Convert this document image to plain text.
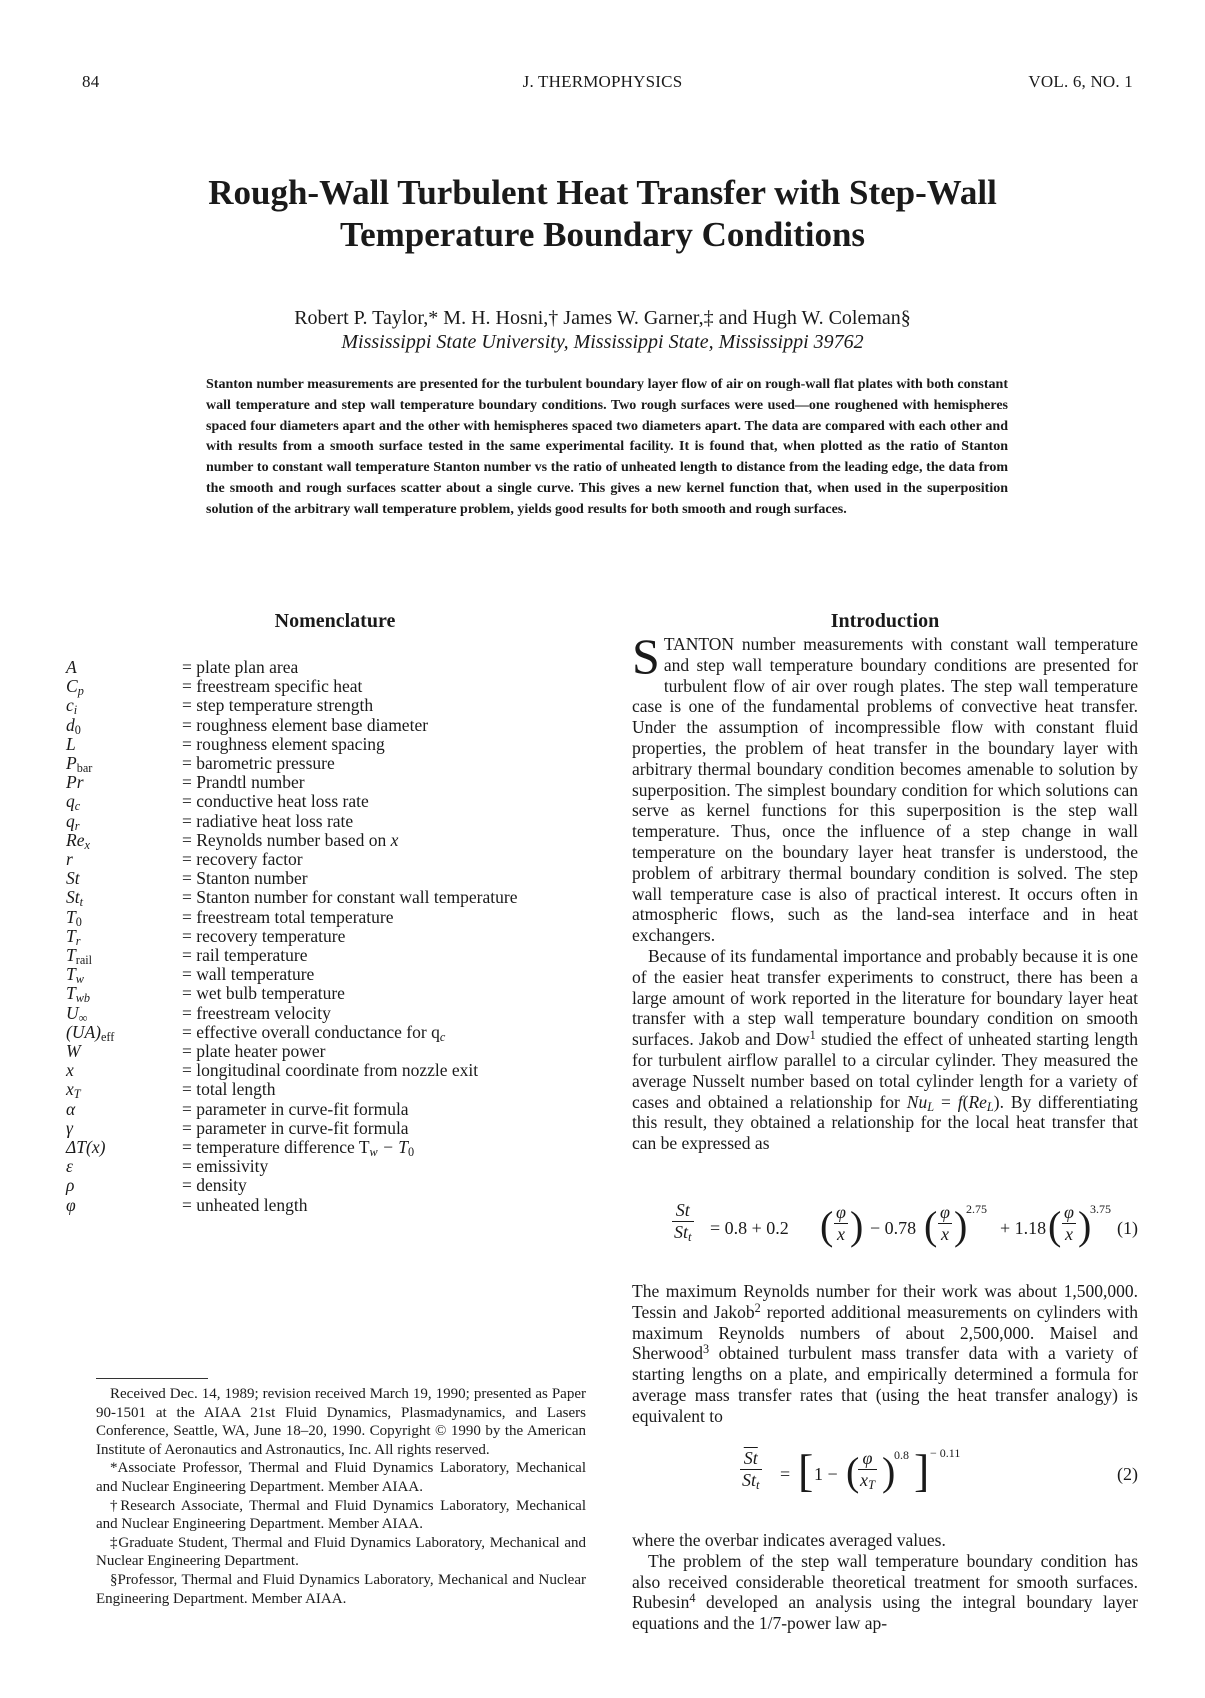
84	J. THERMOPHYSICS	VOL. 6, NO. 1
Rough-Wall Turbulent Heat Transfer with Step-Wall
Temperature Boundary Conditions
Robert P. Taylor,* M. H. Hosni,† James W. Garner,‡ and Hugh W. Coleman§
Mississippi State University, Mississippi State, Mississippi 39762
Stanton number measurements are presented for the turbulent boundary layer flow of air on rough-wall flat plates with both constant wall temperature and step wall temperature boundary conditions. Two rough surfaces were used—one roughened with hemispheres spaced four diameters apart and the other with hemispheres spaced two diameters apart. The data are compared with each other and with results from a smooth surface tested in the same experimental facility. It is found that, when plotted as the ratio of Stanton number to constant wall temperature Stanton number vs the ratio of unheated length to distance from the leading edge, the data from the smooth and rough surfaces scatter about a single curve. This gives a new kernel function that, when used in the superposition solution of the arbitrary wall temperature problem, yields good results for both smooth and rough surfaces.
Nomenclature
A	= plate plan area
$C_p$	= freestream specific heat
$c_i$	= step temperature strength
$d_0$	= roughness element base diameter
L	= roughness element spacing
$P_{bar}$	= barometric pressure
Pr	= Prandtl number
$q_c$	= conductive heat loss rate
$q_r$	= radiative heat loss rate
$Re_x$	= Reynolds number based on x
r	= recovery factor
St	= Stanton number
$St_t$	= Stanton number for constant wall temperature
$T_0$	= freestream total temperature
$T_r$	= recovery temperature
$T_{rail}$	= rail temperature
$T_w$	= wall temperature
$T_{wb}$	= wet bulb temperature
$U_\infty$	= freestream velocity
$(UA)_{eff}$	= effective overall conductance for $q_c$
W	= plate heater power
x	= longitudinal coordinate from nozzle exit
$x_T$	= total length
α	= parameter in curve-fit formula
γ	= parameter in curve-fit formula
ΔT(x)	= temperature difference $T_w - T_0$
ε	= emissivity
ρ	= density
φ	= unheated length
Introduction

STANTON number measurements with constant wall temperature and step wall temperature boundary conditions are presented for turbulent flow of air over rough plates. The step wall temperature case is one of the fundamental problems of convective heat transfer. Under the assumption of incompressible flow with constant fluid properties, the problem of heat transfer in the boundary layer with arbitrary thermal boundary condition becomes amenable to solution by superposition. The simplest boundary condition for which solutions can serve as kernel functions for this superposition is the step wall temperature. Thus, once the influence of a step change in wall temperature on the boundary layer heat transfer is understood, the problem of arbitrary thermal boundary condition is solved. The step wall temperature case is also of practical interest. It occurs often in atmospheric flows, such as the land-sea interface and in heat exchangers.

Because of its fundamental importance and probably because it is one of the easier heat transfer experiments to construct, there has been a large amount of work reported in the literature for boundary layer heat transfer with a step wall temperature boundary condition on smooth surfaces. Jakob and Dow$^1$ studied the effect of unheated starting length for turbulent airflow parallel to a circular cylinder. They measured the average Nusselt number based on total cylinder length for a variety of cases and obtained a relationship for $Nu_L = f(Re_L)$. By differentiating this result, they obtained a relationship for the local heat transfer that can be expressed as

St
$St_t = 0.8 + 0.2$ ( $\frac{\varphi}{x}$ ) − 0.78 ( $\frac{\varphi}{x}$ )
2.75
+ 1.18 ( $\frac{\varphi}{x}$ )
3.75
(1)

The maximum Reynolds number for their work was about 1,500,000. Tessin and Jakob$^2$ reported additional measurements on cylinders with maximum Reynolds numbers of about 2,500,000. Maisel and Sherwood$^3$ obtained turbulent mass transfer data with a variety of starting lengths on a plate, and empirically determined a formula for average mass transfer rates that (using the heat transfer analogy) is equivalent to

$\overline{St}$
$St_t$
= [ 1 − (
$\frac{\varphi}{x_T}$ )
0.8 ] − 0.11
(2)

where the overbar indicates averaged values.

The problem of the step wall temperature boundary condition has also received considerable theoretical treatment for smooth surfaces. Rubesin$^4$ developed an analysis using the integral boundary layer equations and the 1/7-power law ap-

Received Dec. 14, 1989; revision received March 19, 1990; presented as Paper 90-1501 at the AIAA 21st Fluid Dynamics, Plasmadynamics, and Lasers Conference, Seattle, WA, June 18–20, 1990. Copyright © 1990 by the American Institute of Aeronautics and Astronautics, Inc. All rights reserved.

*Associate Professor, Thermal and Fluid Dynamics Laboratory, Mechanical and Nuclear Engineering Department. Member AIAA.

†Research Associate, Thermal and Fluid Dynamics Laboratory, Mechanical and Nuclear Engineering Department. Member AIAA.

‡Graduate Student, Thermal and Fluid Dynamics Laboratory, Mechanical and Nuclear Engineering Department.

§Professor, Thermal and Fluid Dynamics Laboratory, Mechanical and Nuclear Engineering Department. Member AIAA.
